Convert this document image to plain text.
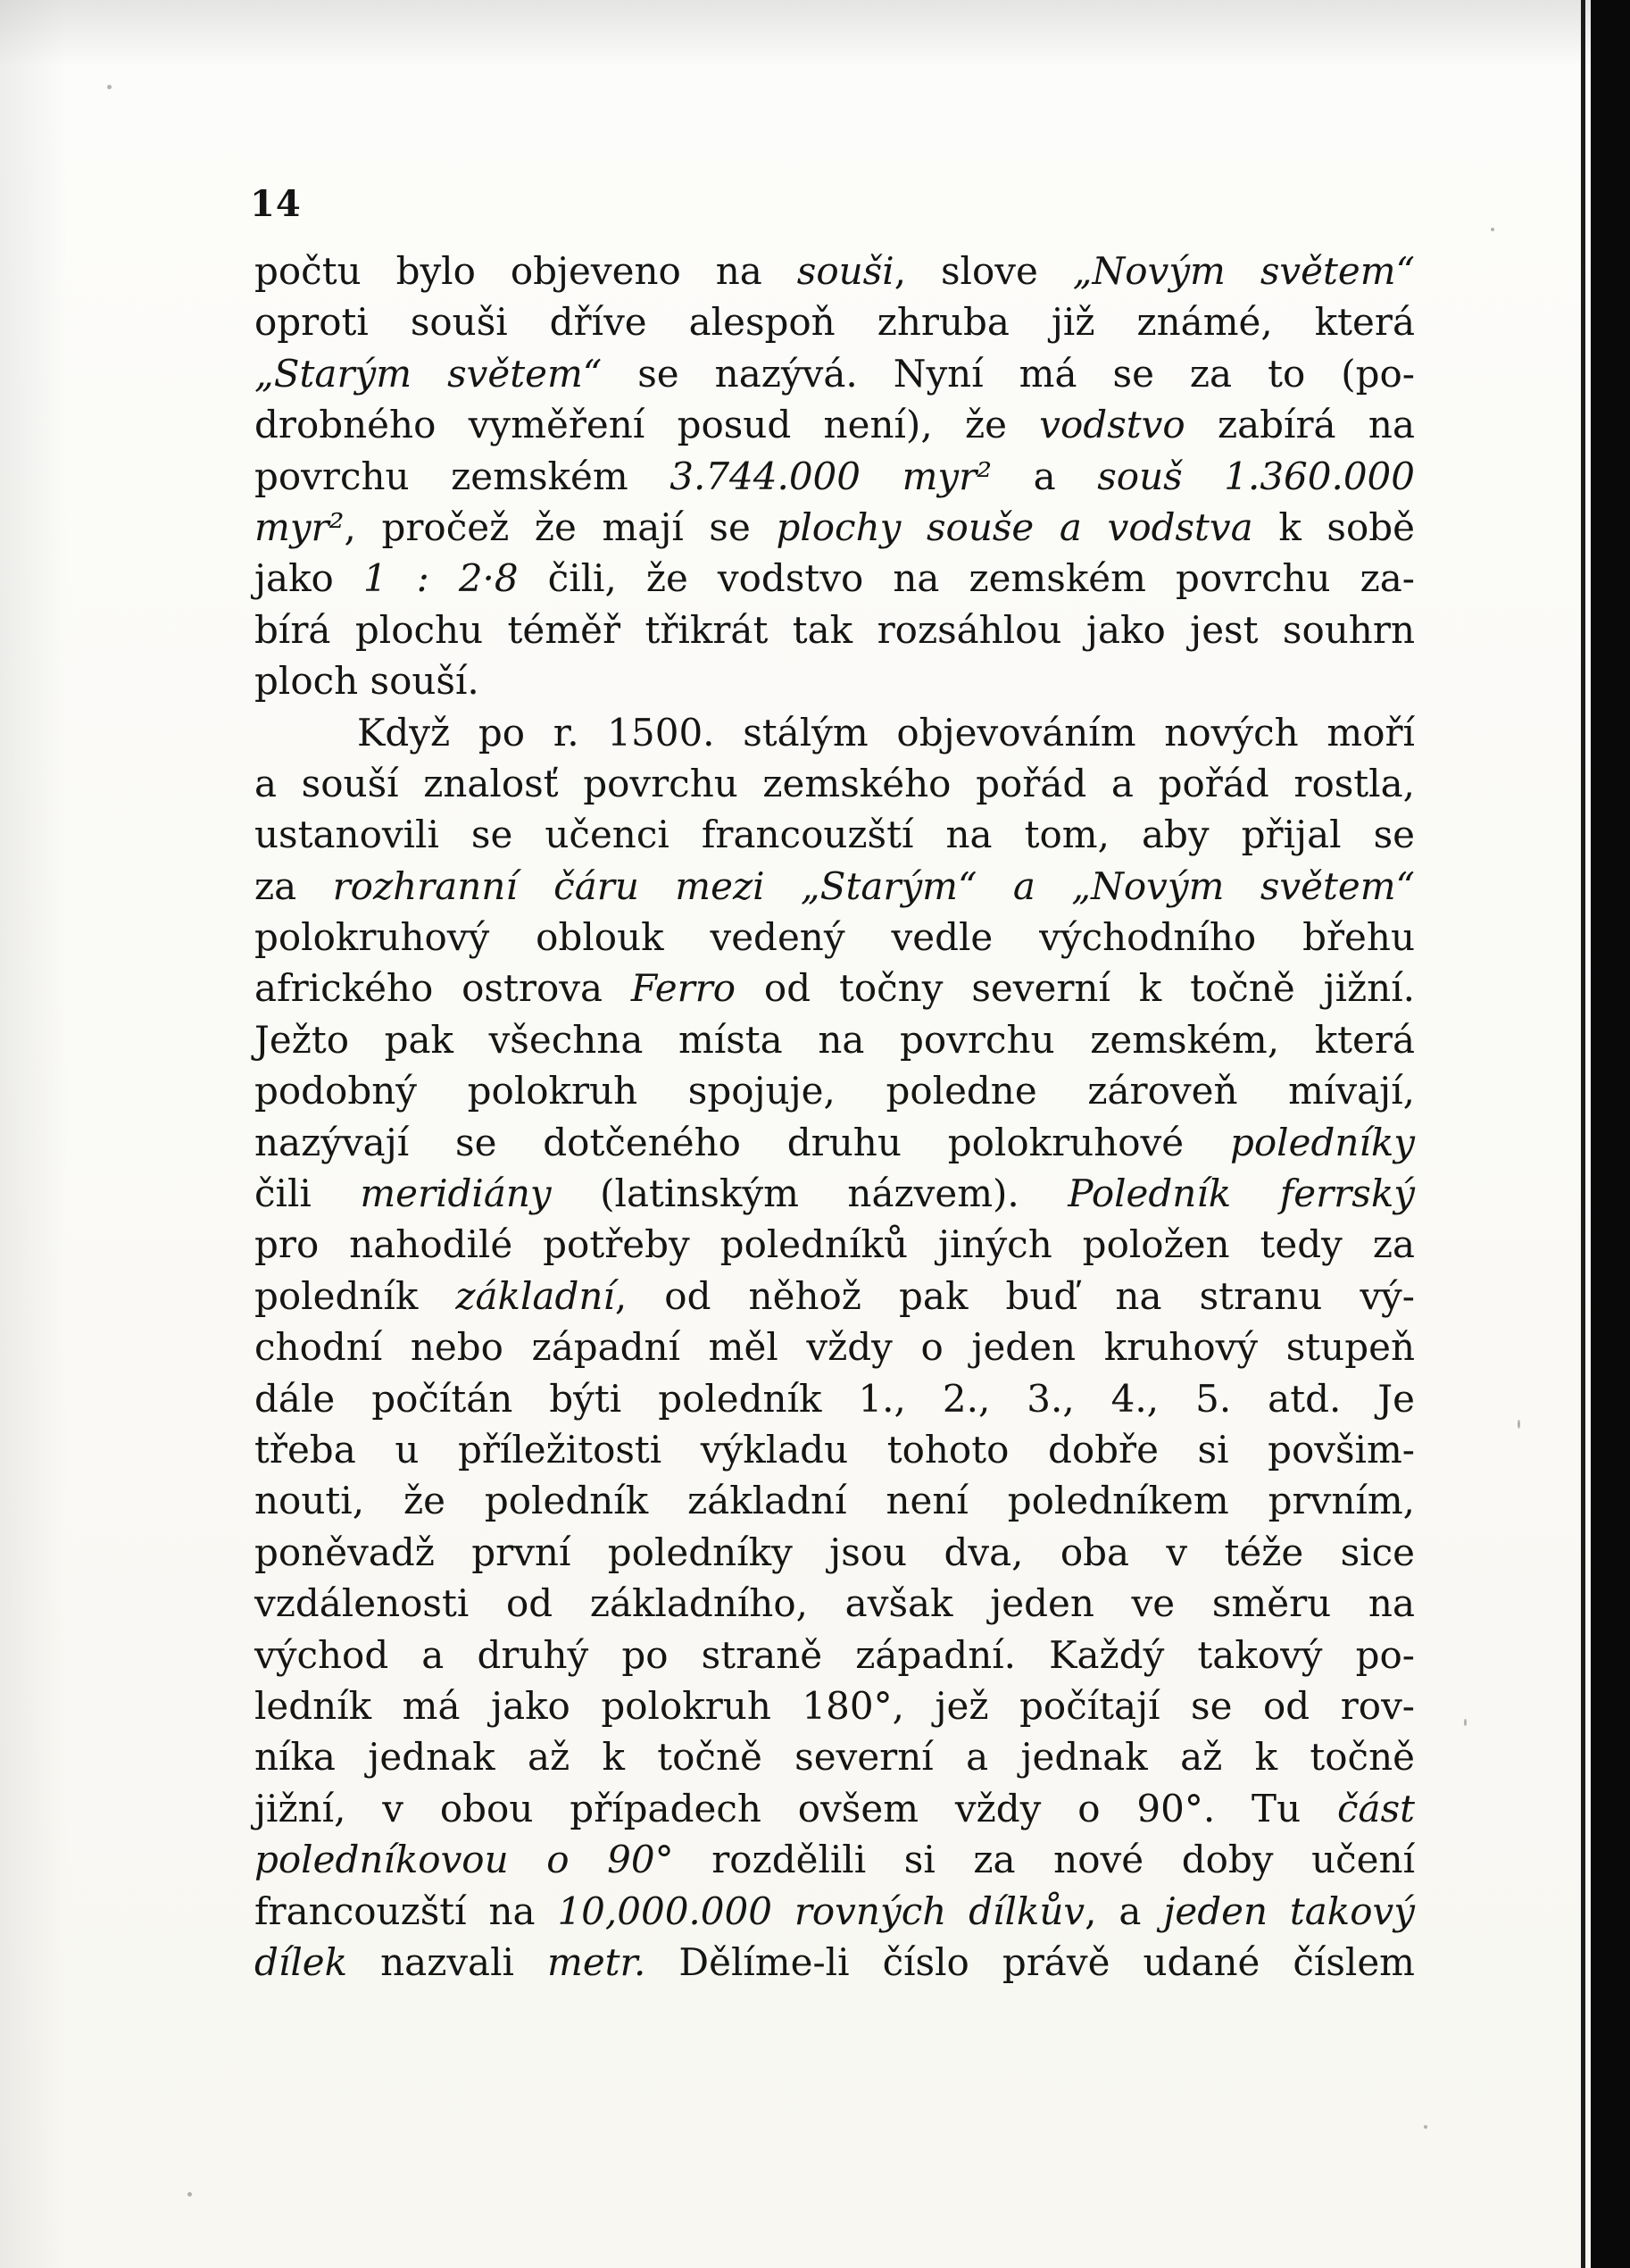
14

počtu bylo objeveno na souši, slove „Novým světem“
oproti souši dříve alespoň zhruba již známé, která
„Starým světem“ se nazývá. Nyní má se za to (po-
drobného vyměření posud není), že vodstvo zabírá na
povrchu zemském 3.744.000 myr² a souš 1.360.000
myr², pročež že mají se plochy souše a vodstva k sobě
jako 1 : 2·8 čili, že vodstvo na zemském povrchu za-
bírá plochu téměř třikrát tak rozsáhlou jako jest souhrn
ploch souší.
Když po r. 1500. stálým objevováním nových moří
a souší znalosť povrchu zemského pořád a pořád rostla,
ustanovili se učenci francouzští na tom, aby přijal se
za rozhranní čáru mezi „Starým“ a „Novým světem“
polokruhový oblouk vedený vedle východního břehu
afrického ostrova Ferro od točny severní k točně jižní.
Ježto pak všechna místa na povrchu zemském, která
podobný polokruh spojuje, poledne zároveň mívají,
nazývají se dotčeného druhu polokruhové poledníky
čili meridiány (latinským názvem). Poledník ferrský
pro nahodilé potřeby poledníků jiných položen tedy za
poledník základní, od něhož pak buď na stranu vý-
chodní nebo západní měl vždy o jeden kruhový stupeň
dále počítán býti poledník 1., 2., 3., 4., 5. atd. Je
třeba u příležitosti výkladu tohoto dobře si povšim-
nouti, že poledník základní není poledníkem prvním,
poněvadž první poledníky jsou dva, oba v téže sice
vzdálenosti od základního, avšak jeden ve směru na
východ a druhý po straně západní. Každý takový po-
ledník má jako polokruh 180°, jež počítají se od rov-
níka jednak až k točně severní a jednak až k točně
jižní, v obou případech ovšem vždy o 90°. Tu část
poledníkovou o 90° rozdělili si za nové doby učení
francouzští na 10,000.000 rovných dílkův, a jeden takový
dílek nazvali metr. Dělíme-li číslo právě udané číslem
